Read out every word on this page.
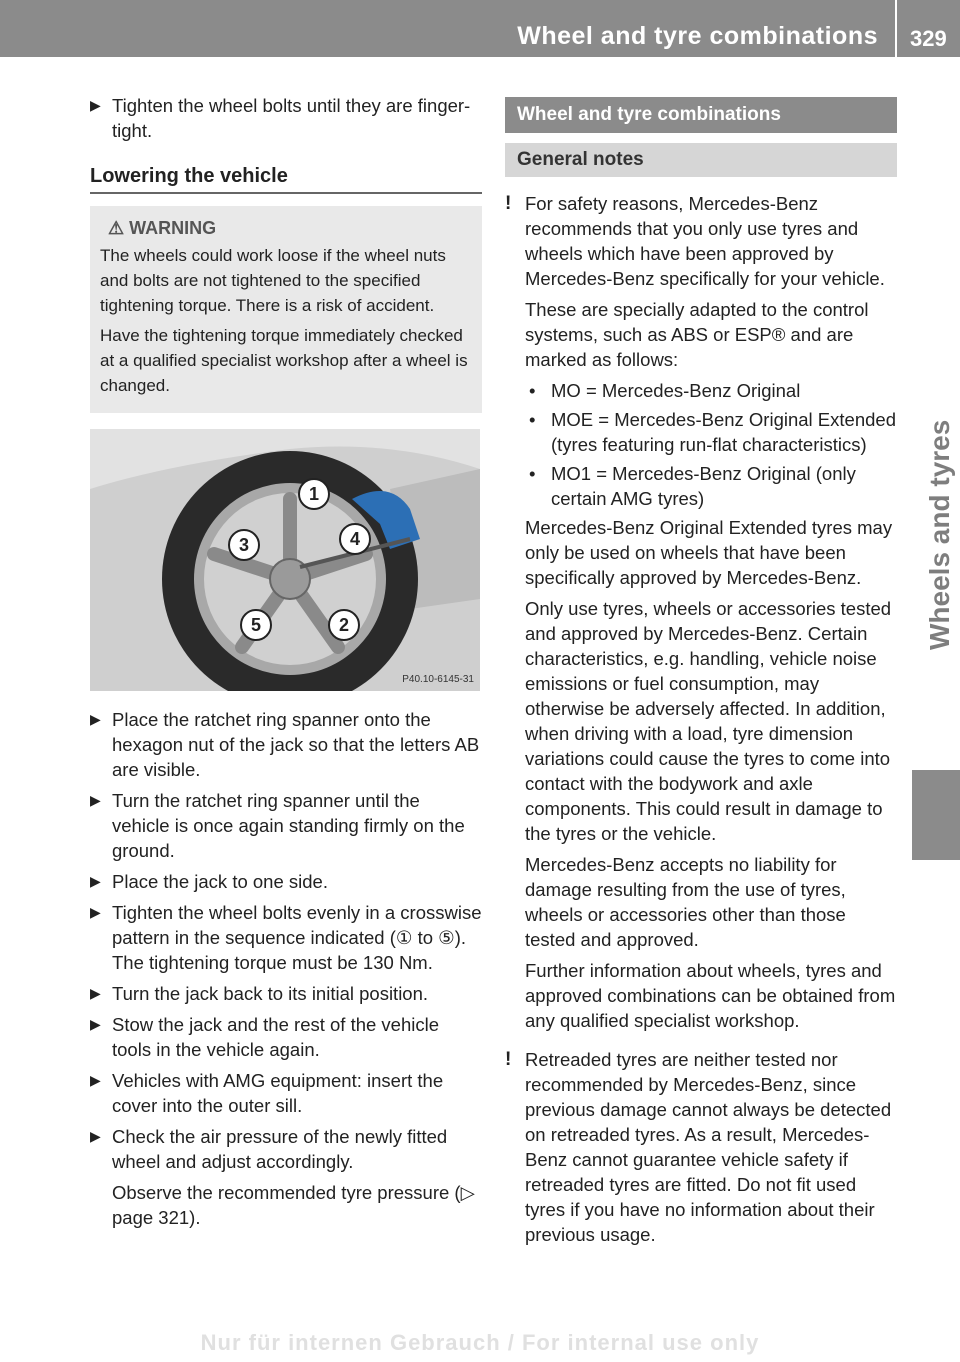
Wheel and tyre combinations 329
Wheels and tyres
▶ Tighten the wheel bolts until they are finger-tight.
Lowering the vehicle
⚠ WARNING

The wheels could work loose if the wheel nuts and bolts are not tightened to the specified tightening torque. There is a risk of accident.

Have the tightening torque immediately checked at a qualified specialist workshop after a wheel is changed.

1
2
3	4
5
P40.10-6145-31
▶ Place the ratchet ring spanner onto the hexagon nut of the jack so that the letters AB are visible.
▶ Turn the ratchet ring spanner until the vehicle is once again standing firmly on the ground.
▶ Place the jack to one side.
▶ Tighten the wheel bolts evenly in a crosswise pattern in the sequence indicated (① to ⑤). The tightening torque must be 130 Nm.
▶ Turn the jack back to its initial position.
▶ Stow the jack and the rest of the vehicle tools in the vehicle again.
▶ Vehicles with AMG equipment: insert the cover into the outer sill.
▶ Check the air pressure of the newly fitted wheel and adjust accordingly.
Observe the recommended tyre pressure (▷ page 321).
Wheel and tyre combinations
General notes
! For safety reasons, Mercedes-Benz recommends that you only use tyres and wheels which have been approved by Mercedes-Benz specifically for your vehicle.

These are specially adapted to the control systems, such as ABS or ESP® and are marked as follows:

• MO = Mercedes-Benz Original
• MOE = Mercedes-Benz Original Extended (tyres featuring run-flat characteristics)
• MO1 = Mercedes-Benz Original (only certain AMG tyres)

Mercedes-Benz Original Extended tyres may only be used on wheels that have been specifically approved by Mercedes-Benz.

Only use tyres, wheels or accessories tested and approved by Mercedes-Benz. Certain characteristics, e.g. handling, vehicle noise emissions or fuel consumption, may otherwise be adversely affected. In addition, when driving with a load, tyre dimension variations could cause the tyres to come into contact with the bodywork and axle components. This could result in damage to the tyres or the vehicle.

Mercedes-Benz accepts no liability for damage resulting from the use of tyres, wheels or accessories other than those tested and approved.

Further information about wheels, tyres and approved combinations can be obtained from any qualified specialist workshop.

! Retreaded tyres are neither tested nor recommended by Mercedes-Benz, since previous damage cannot always be detected on retreaded tyres. As a result, Mercedes-Benz cannot guarantee vehicle safety if retreaded tyres are fitted. Do not fit used tyres if you have no information about their previous usage.

Nur für internen Gebrauch / For internal use only
